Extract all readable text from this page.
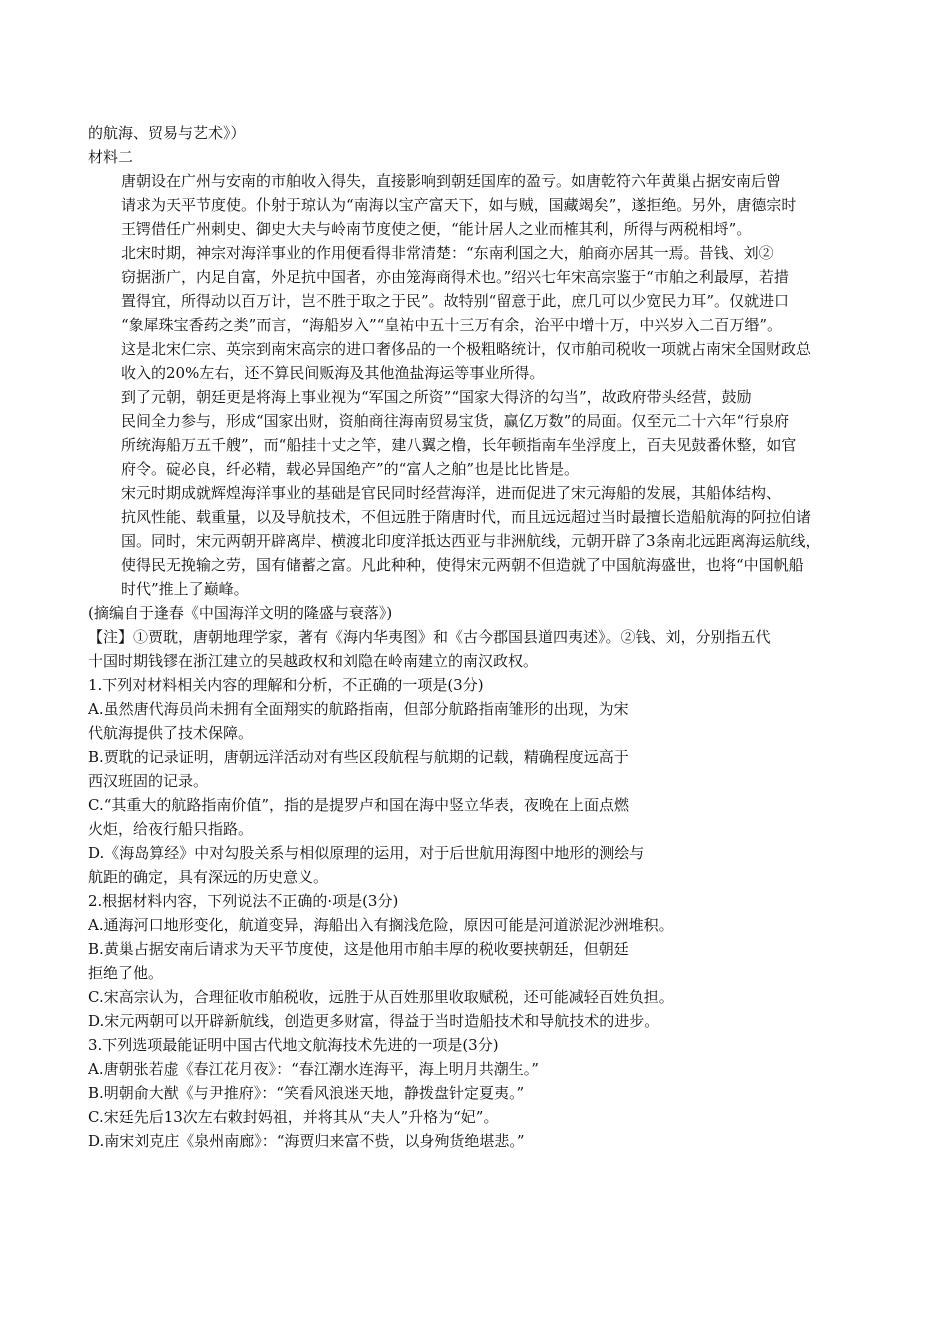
的航海、贸易与艺术》）

材料二

唐朝设在广州与安南的市舶收入得失，直接影响到朝廷国库的盈亏。如唐乾符六年黄巢占据安南后曾
请求为天平节度使。仆射于琼认为“南海以宝产富天下，如与贼，国藏竭矣”，遂拒绝。另外，唐德宗时
王锷借任广州刺史、御史大夫与岭南节度使之便，“能计居人之业而榷其利，所得与两税相埒”。

北宋时期，神宗对海洋事业的作用便看得非常清楚：“东南利国之大，舶商亦居其一焉。昔钱、刘②
窃据浙广，内足自富，外足抗中国者，亦由笼海商得术也。”绍兴七年宋高宗鉴于“市舶之利最厚，若措
置得宜，所得动以百万计，岂不胜于取之于民”。故特别“留意于此，庶几可以少宽民力耳”。仅就进口
“象犀珠宝香药之类”而言，“海船岁入”“皇祐中五十三万有余，治平中增十万，中兴岁入二百万缗”。
这是北宋仁宗、英宗到南宋高宗的进口奢侈品的一个极粗略统计，仅市舶司税收一项就占南宋全国财政总
收入的20%左右，还不算民间贩海及其他渔盐海运等事业所得。

到了元朝，朝廷更是将海上事业视为“军国之所资”“国家大得济的勾当”，故政府带头经营，鼓励
民间全力参与，形成“国家出财，资舶商往海南贸易宝货，赢亿万数”的局面。仅至元二十六年“行泉府
所统海船万五千艘”，而“船挂十丈之竿，建八翼之橹，长年顿指南车坐浮度上，百夫见鼓番休整，如官
府令。碇必良，纤必精，载必异国绝产”的“富人之舶”也是比比皆是。

宋元时期成就辉煌海洋事业的基础是官民同时经营海洋，进而促进了宋元海船的发展，其船体结构、
抗风性能、载重量，以及导航技术，不但远胜于隋唐时代，而且远远超过当时最擅长造船航海的阿拉伯诸
国。同时，宋元两朝开辟离岸、横渡北印度洋抵达西亚与非洲航线，元朝开辟了3条南北远距离海运航线，
使得民无挽输之劳，国有储蓄之富。凡此种种，使得宋元两朝不但造就了中国航海盛世，也将“中国帆船
时代”推上了巅峰。

(摘编自于逢春《中国海洋文明的隆盛与衰落》)

【注】①贾耽，唐朝地理学家，著有《海内华夷图》和《古今郡国县道四夷述》。②钱、刘，分别指五代
十国时期钱镠在浙江建立的吴越政权和刘隐在岭南建立的南汉政权。

1.下列对材料相关内容的理解和分析，不正确的一项是(3分)

A.虽然唐代海员尚未拥有全面翔实的航路指南，但部分航路指南雏形的出现，为宋
代航海提供了技术保障。

B.贾耽的记录证明，唐朝远洋活动对有些区段航程与航期的记载，精确程度远高于
西汉班固的记录。

C.“其重大的航路指南价值”，指的是提罗卢和国在海中竖立华表，夜晚在上面点燃
火炬，给夜行船只指路。

D.《海岛算经》中对勾股关系与相似原理的运用，对于后世航用海图中地形的测绘与
航距的确定，具有深远的历史意义。

2.根据材料内容，下列说法不正确的·项是(3分)

A.通海河口地形变化，航道变异，海船出入有搁浅危险，原因可能是河道淤泥沙洲堆积。

B.黄巢占据安南后请求为天平节度使，这是他用市舶丰厚的税收要挟朝廷，但朝廷
拒绝了他。

C.宋高宗认为，合理征收市舶税收，远胜于从百姓那里收取赋税，还可能减轻百姓负担。

D.宋元两朝可以开辟新航线，创造更多财富，得益于当时造船技术和导航技术的进步。

3.下列选项最能证明中国古代地文航海技术先进的一项是(3分)

A.唐朝张若虚《春江花月夜》：“春江潮水连海平，海上明月共潮生。”

B.明朝俞大猷《与尹推府》：“笑看风浪迷天地，静拨盘针定夏夷。”

C.宋廷先后13次左右敕封妈祖，并将其从“夫人”升格为“妃”。

D.南宋刘克庄《泉州南廊》：“海贾归来富不赀，以身殉货绝堪悲。”
